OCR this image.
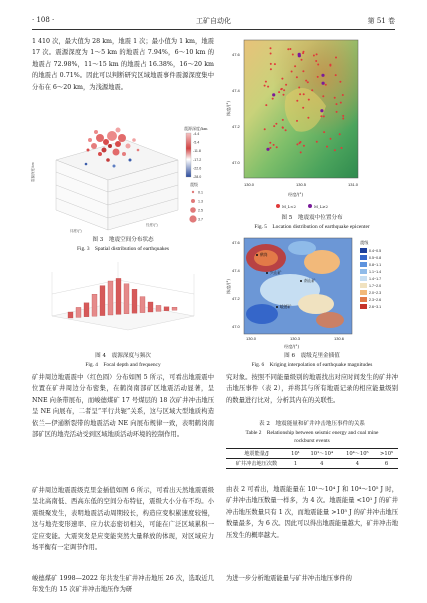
· 108 ·	工矿自动化	第 51 卷
1 410 次，最大值为 28 km，地震 1 次；最小值为 1 km，地震 17 次。震源深度为 1～5 km 的地震占 7.94%，6～10 km 的地震占 72.98%，11～15 km 的地震占 16.38%，16～20 km 的地震占 0.71%。因此可以判断研究区域地震事件震源深度集中分布在 6～20 km，为浅源地震。
震源深度/km
纬度/(°)
经度/(°)
震源深度/km
-4.4
-5.4
-11.8
-17.2
-22.6
-28.0
震级
0.1
1.3
2.5
3.7
图 3　地震空间分布状态
Fig. 3　Spatial distribution of earthquakes
图 4　震源深度与频次
Fig. 4　Focal depth and frequency
矿井周边地震震中（红色圆）分布如图 5 所示，可看出地震震中位置在矿井周边分布密集，在鹤岗南部矿区地震活动显著，呈 NNE 向条带展布，而峻德煤矿 17 号煤层的 18 次矿井冲击地压呈 NE 向展布，二者呈“平行共轭”关系，这与区域大型地质构造依兰—伊通断裂带的地震活动 NE 向展布规律一致，表明鹤岗南部矿区的地壳活动受到区域地质活动环境的控制作用。
矿井周边地震震级克里金插值如图 6 所示，可看出天然地震震级呈北高南低、西高东低的空间分布特征，震级大小分布不均。小震级聚发生，表明地震活动周期较长，构造应变积累速度较慢，这与地壳变形速率、应力状态密切相关，可能在广泛区域累积一定应变能。大震突发是应变能突然大量释放的体现，对区域应力场平衡有一定调节作用。
峻德煤矿 1998—2022 年共发生矿井冲击地压 26 次，选取近几年发生的 15 次矿井冲击地压作为研
130.0	130.5	131.0
47.6
47.4
47.2
47.0
纬度/(°)
经度/(°)
M_L<2	M_L≥2
图 5　地震震中位置分布
Fig. 5　Location distribution of earthquake epicenter
鹤岗
兴山矿
南山矿
峻德矿
130.0	130.3	130.6
47.6
47.4
47.2
47.0
纬度/(°)
经度/(°)
震级
0.4~0.5
0.5~0.8
0.8~1.1
1.1~1.4
1.4~1.7
1.7~2.0
2.0~2.3
2.3~2.6
2.6~3.1
图 6　震级克里金插值
Fig. 6　Kriging interpolation of earthquake magnitudes
究对象。按照不同能量级别的地震找出对应时间发生的矿井冲击地压事件（表 2），并将其与所有地震记录的相应能量级别的数量进行比对，分析其内在的关联性。
表 2　地震能量和矿井冲击地压事件的关系
Table 2　Relationship between seismic energy and coal mine
rockburst events
地震能量/J	10¹	10¹～10⁴	10⁴～10⁵	>10⁵
矿井冲击地压次数	1	4	4	6
由表 2 可看出，地震能量在 10¹～10⁴ J 和 10⁴～10⁵ J 时，矿井冲击地压数量一样多，为 4 次。地震能量 <10¹ J 的矿井冲击地压数量只有 1 次，而地震能量 >10⁵ J 的矿井冲击地压数量最多，为 6 次。因此可以得出地震能量越大，矿井冲击地压发生的概率越大。
为进一步分析地震能量与矿井冲击地压事件的
